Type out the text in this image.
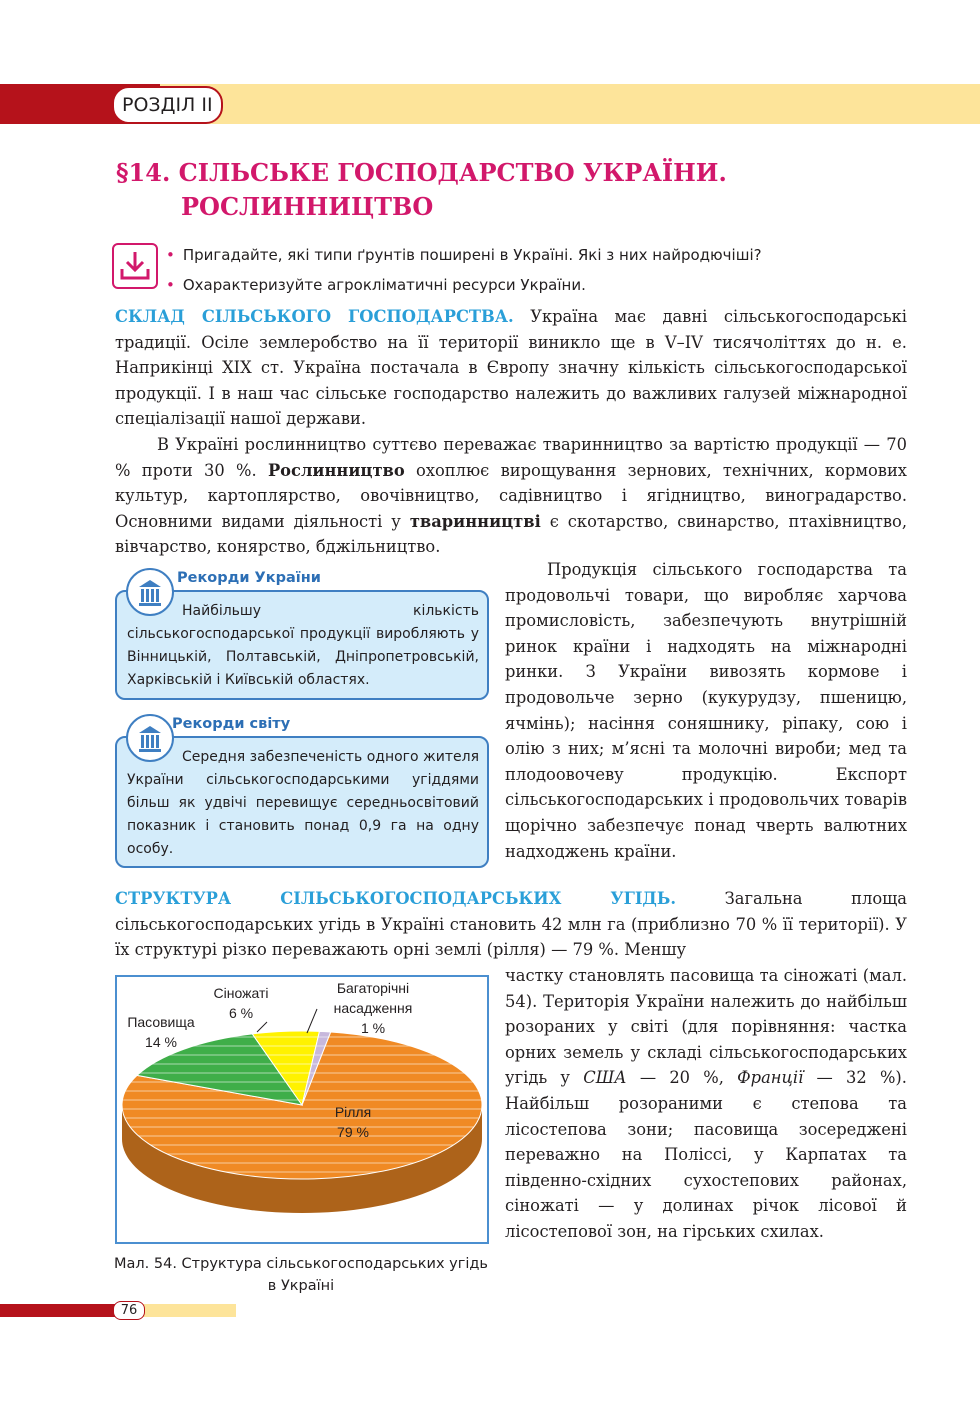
РОЗДІЛ ІІ
§14. СІЛЬСЬКЕ ГОСПОДАРСТВО УКРАЇНИ.
РОСЛИННИЦТВО
• Пригадайте, які типи ґрунтів поширені в Україні. Які з них найродючіші?
• Охарактеризуйте агрокліматичні ресурси України.

СКЛАД СІЛЬСЬКОГО ГОСПОДАРСТВА. Україна має давні сільськогосподарські традиції. Осіле землеробство на її території виникло ще в V–IV тисячоліттях до н. е. Наприкінці XIX ст. Україна постачала в Європу значну кількість сільськогосподарської продукції. І в наш час сільське господарство належить до важливих галузей міжнародної спеціалізації нашої держави.

В Україні рослинництво суттєво переважає тваринництво за вартістю продукції — 70 % проти 30 %. Рослинництво охоплює вирощування зернових, технічних, кормових культур, картоплярство, овочівництво, садівництво і ягідництво, виноградарство. Основними видами діяльності у тваринництві є скотарство, свинарство, птахівництво, вівчарство, конярство, бджільництво.

Найбільшу кількість сільськогосподарської продукції виробляють у Вінницькій, Полтавській, Дніпропетровській, Харківській і Київській областях.

Рекорди України

Середня забезпеченість одного жителя України сільськогосподарськими угіддями більш як удвічі перевищує середньосвітовий показник і становить понад 0,9 га на одну особу.

Рекорди світу

Продукція сільського господарства та продовольчі товари, що виробляє харчова промисловість, забезпечують внутрішній ринок країни і надходять на міжнародні ринки. З України вивозять кормове і продовольче зерно (кукурудзу, пшеницю, ячмінь); насіння соняшнику, ріпаку, сою і олію з них; м’ясні та молочні вироби; мед та плодоовочеву продукцію. Експорт сільськогосподарських і продовольчих товарів щорічно забезпечує понад чверть валютних надходжень країни.

СТРУКТУРА СІЛЬСЬКОГОСПОДАРСЬКИХ УГІДЬ.	Загальна площа сільськогосподарських угідь в Україні становить 42 млн га (приблизно 70 % її території). У їх структурі різко переважають орні землі (рілля) — 79 %. Меншу

частку становлять пасовища та сіножаті (мал. 54). Територія України належить до найбільш розораних у світі (для порівняння: частка орних земель у складі сільськогосподарських угідь у США — 20 %, Франції — 32 %). Найбільш розораними є степова та лісостепова зони; пасовища зосереджені переважно на Поліссі, у Карпатах та південно-східних сухостепових районах, сіножаті — у долинах річок лісової й лісостепової зон, на гірських схилах.

Рілля
79 %
Пасовища
14 %
Сіножаті
6 %
Багаторічні
насадження
1 %

Мал. 54. Структура сільськогосподарських угідь в Україні

76
